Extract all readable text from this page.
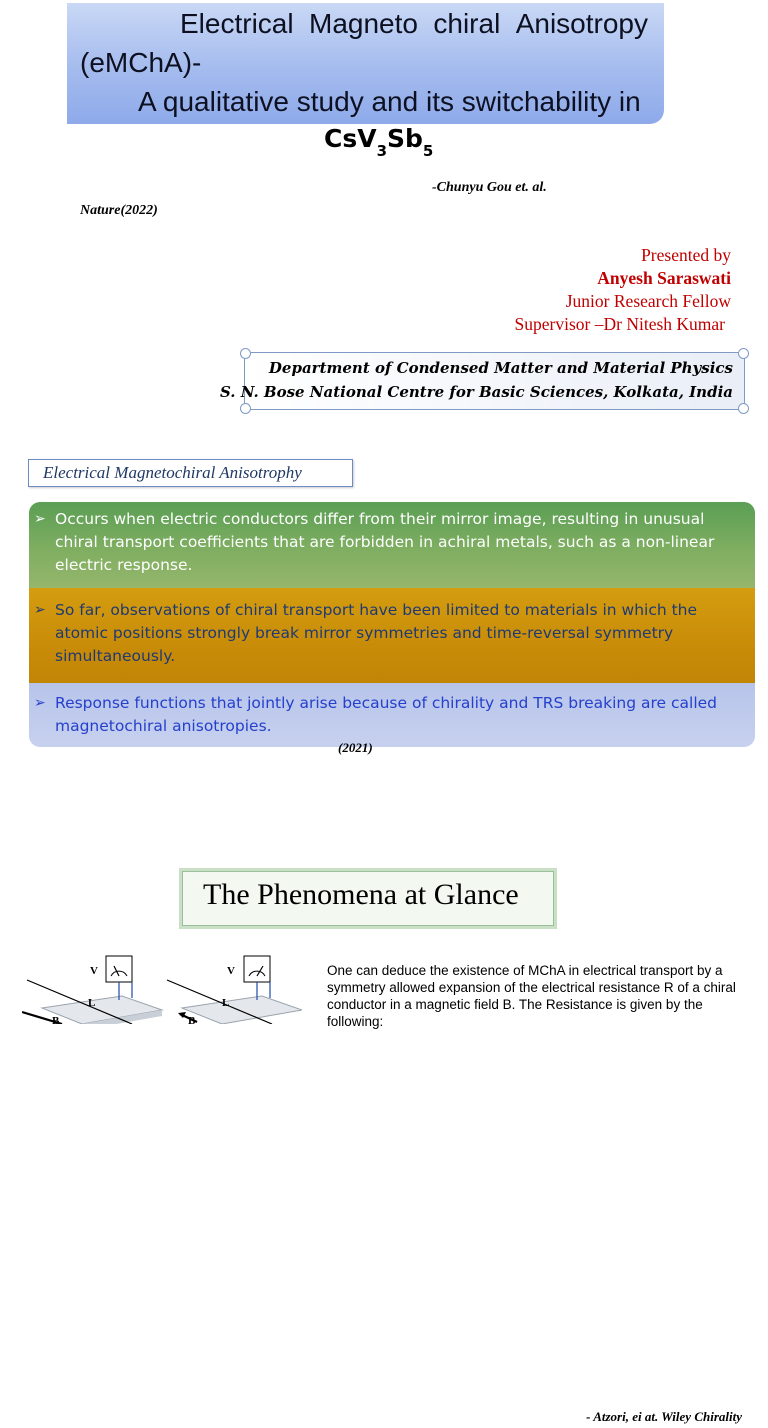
Electrical Magneto chiral Anisotropy
(eMChA)-
A qualitative study and its switchability in
$CsV_3Sb_5$
-Chunyu Gou et. al.
Nature(2022)
Presented by
Anyesh Saraswati
Junior Research Fellow
Supervisor –Dr Nitesh Kumar
Department of Condensed Matter and Material Physics
S. N. Bose National Centre for Basic Sciences, Kolkata, India
Electrical Magnetochiral Anisotrophy
➢ Occurs when electric conductors differ from their mirror image, resulting in unusual chiral transport coefficients that are forbidden in achiral metals, such as a non-linear electric response.
➢ So far, observations of chiral transport have been limited to materials in which the atomic positions strongly break mirror symmetries and time-reversal symmetry simultaneously.
➢ Response functions that jointly arise because of chirality and TRS breaking are called magnetochiral anisotropies.
- Atzori, ei at. Wiley Chirality
(2021)
The Phenomena at Glance
V
L
B
V
L
B
One can deduce the existence of MChA in electrical transport by a symmetry allowed expansion of the electrical resistance R of a chiral conductor in a magnetic field B. The Resistance is given by the following:
